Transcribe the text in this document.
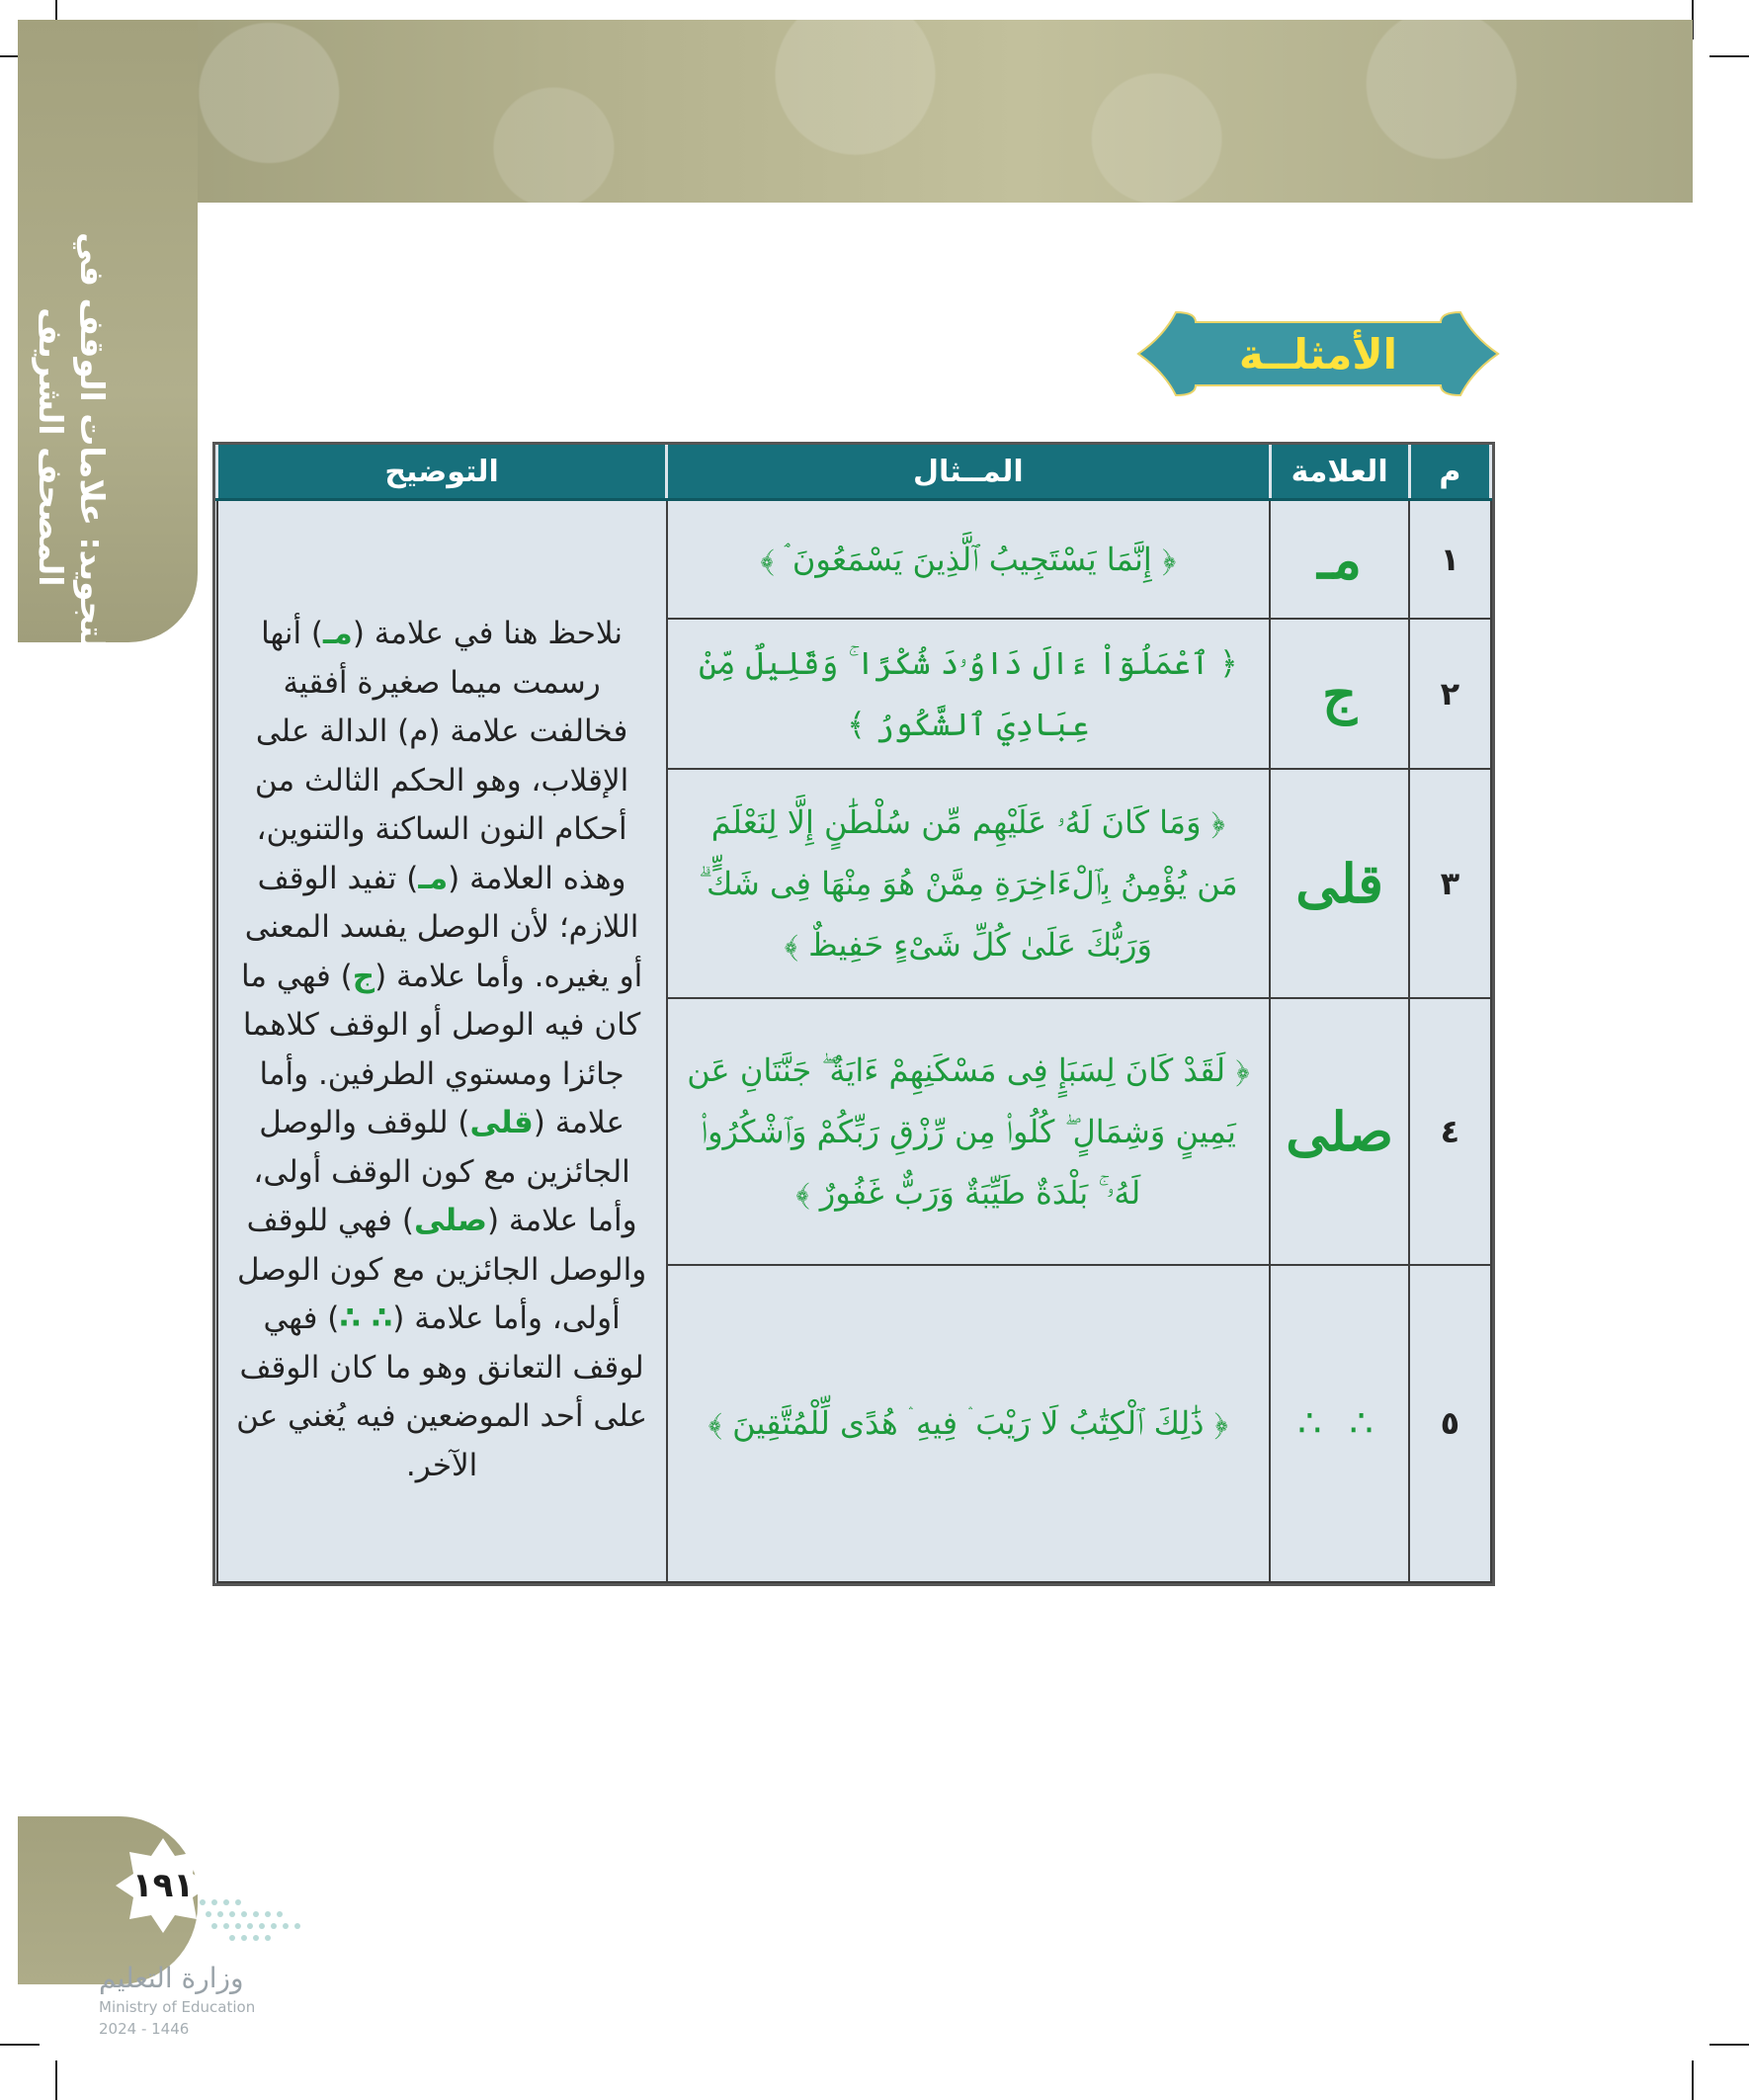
التجويد: علامات الوقف في
المصحف الشريف	الأمثلــة
م	العلامة	المــثال	التوضيح
١	مـ	﴿ إِنَّمَا يَسْتَجِيبُ ٱلَّذِينَ يَسْمَعُونَ ۘ ﴾	نلاحظ هنا في علامة (مـ) أنها رسمت ميما صغيرة أفقية فخالفت علامة (م) الدالة على الإقلاب، وهو الحكم الثالث من أحكام النون الساكنة والتنوين، وهذه العلامة (مـ) تفيد الوقف اللازم؛ لأن الوصل يفسد المعنى أو يغيره. وأما علامة (ج) فهي ما كان فيه الوصل أو الوقف كلاهما جائزا ومستوي الطرفين. وأما علامة (قلى) للوقف والوصل الجائزين مع كون الوقف أولى، وأما علامة (صلى) فهي للوقف والوصل الجائزين مع كون الوصل أولى، وأما علامة (∴ ∴) فهي لوقف التعانق وهو ما كان الوقف على أحد الموضعين فيه يُغني عن الآخر.
٢	ج	﴿ ٱعْمَلُوٓاْ ءَالَ دَاوُۥدَ شُكْرًا ۚ وَقَلِيلٌ مِّنْ عِبَادِيَ ٱلشَّكُورُ ﴾	

٣	قلى	﴿ وَمَا كَانَ لَهُۥ عَلَيْهِم مِّن سُلْطَٰنٍ إِلَّا لِنَعْلَمَ مَن يُؤْمِنُ بِٱلْءَاخِرَةِ مِمَّنْ هُوَ مِنْهَا فِى شَكٍّ ۗ وَرَبُّكَ عَلَىٰ كُلِّ شَىْءٍ حَفِيظٌ ﴾	

٤	صلى	﴿ لَقَدْ كَانَ لِسَبَإٍ فِى مَسْكَنِهِمْ ءَايَةٌ ۖ جَنَّتَانِ عَن يَمِينٍ وَشِمَالٍ ۖ كُلُوا۟ مِن رِّزْقِ رَبِّكُمْ وَٱشْكُرُوا۟ لَهُۥ ۚ بَلْدَةٌ طَيِّبَةٌ وَرَبٌّ غَفُورٌ ﴾	

٥	∴ ∴	﴿ ذَٰلِكَ ٱلْكِتَٰبُ لَا رَيْبَ ۛ فِيهِ ۛ هُدًى لِّلْمُتَّقِينَ ﴾	
١٩١
وزارة التعليم
Ministry of Education
2024 - 1446
